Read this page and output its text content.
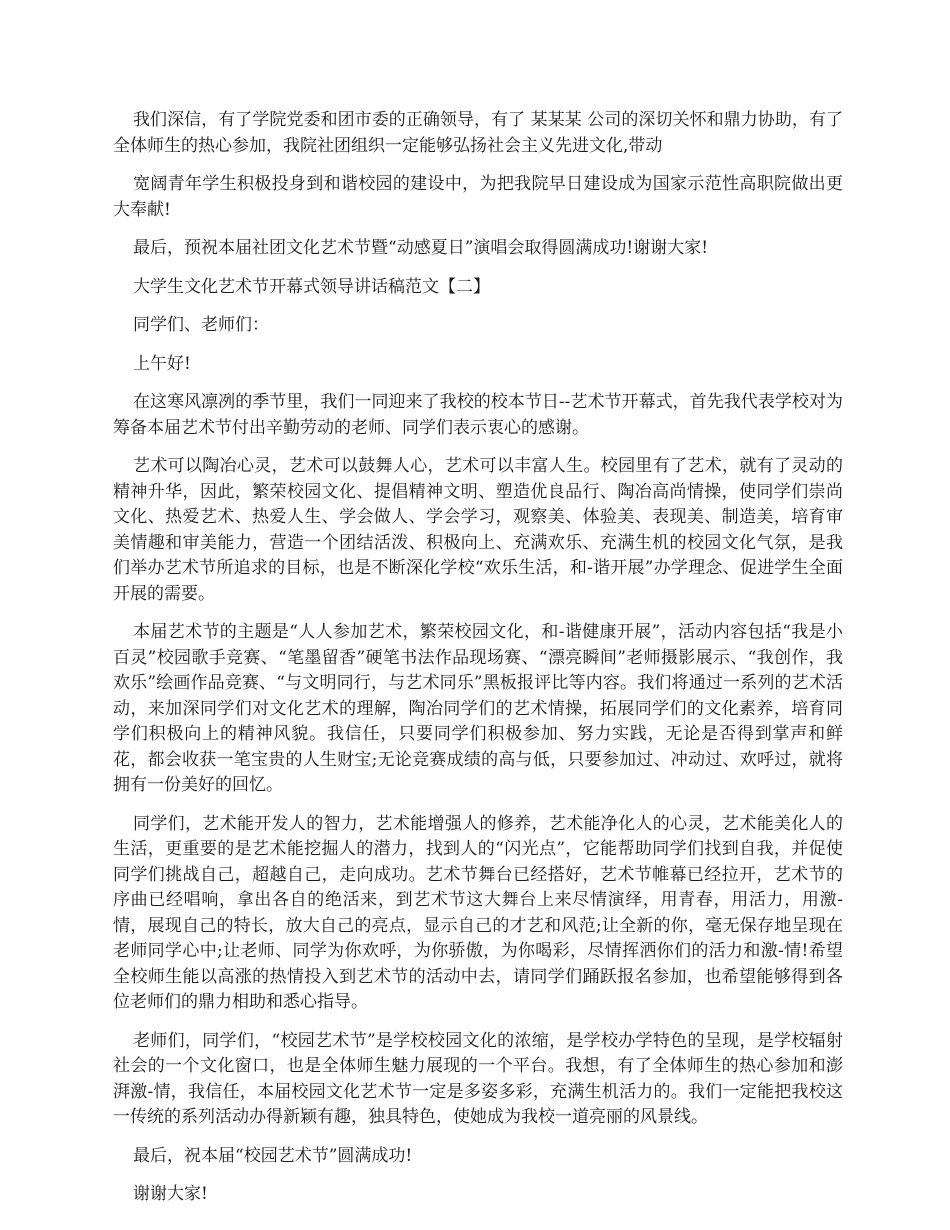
我们深信，有了学院党委和团市委的正确领导，有了 某某某 公司的深切关怀和鼎力协助，有了全体师生的热心参加，我院社团组织一定能够弘扬社会主义先进文化,带动

宽阔青年学生积极投身到和谐校园的建设中，为把我院早日建设成为国家示范性高职院做出更大奉献!

最后，预祝本届社团文化艺术节暨“动感夏日”演唱会取得圆满成功!谢谢大家!

大学生文化艺术节开幕式领导讲话稿范文【二】

同学们、老师们：

上午好!

在这寒风凛冽的季节里，我们一同迎来了我校的校本节日--艺术节开幕式，首先我代表学校对为筹备本届艺术节付出辛勤劳动的老师、同学们表示衷心的感谢。

艺术可以陶冶心灵，艺术可以鼓舞人心，艺术可以丰富人生。校园里有了艺术，就有了灵动的精神升华，因此，繁荣校园文化、提倡精神文明、塑造优良品行、陶冶高尚情操，使同学们崇尚文化、热爱艺术、热爱人生、学会做人、学会学习，观察美、体验美、表现美、制造美，培育审美情趣和审美能力，营造一个团结活泼、积极向上、充满欢乐、充满生机的校园文化气氛，是我们举办艺术节所追求的目标，也是不断深化学校“欢乐生活，和-谐开展”办学理念、促进学生全面开展的需要。

本届艺术节的主题是“人人参加艺术，繁荣校园文化，和-谐健康开展”，活动内容包括“我是小百灵”校园歌手竞赛、“笔墨留香”硬笔书法作品现场赛、“漂亮瞬间”老师摄影展示、“我创作，我欢乐”绘画作品竞赛、“与文明同行，与艺术同乐”黑板报评比等内容。我们将通过一系列的艺术活动，来加深同学们对文化艺术的理解，陶冶同学们的艺术情操，拓展同学们的文化素养，培育同学们积极向上的精神风貌。我信任，只要同学们积极参加、努力实践，无论是否得到掌声和鲜花，都会收获一笔宝贵的人生财宝;无论竞赛成绩的高与低，只要参加过、冲动过、欢呼过，就将拥有一份美好的回忆。

同学们，艺术能开发人的智力，艺术能增强人的修养，艺术能净化人的心灵，艺术能美化人的生活，更重要的是艺术能挖掘人的潜力，找到人的“闪光点”，它能帮助同学们找到自我，并促使同学们挑战自己，超越自己，走向成功。艺术节舞台已经搭好，艺术节帷幕已经拉开，艺术节的序曲已经唱响，拿出各自的绝活来，到艺术节这大舞台上来尽情演绎，用青春，用活力，用激-情，展现自己的特长，放大自己的亮点，显示自己的才艺和风范;让全新的你，毫无保存地呈现在老师同学心中;让老师、同学为你欢呼，为你骄傲，为你喝彩，尽情挥洒你们的活力和激-情!希望全校师生能以高涨的热情投入到艺术节的活动中去，请同学们踊跃报名参加，也希望能够得到各位老师们的鼎力相助和悉心指导。

老师们，同学们，“校园艺术节”是学校校园文化的浓缩，是学校办学特色的呈现，是学校辐射社会的一个文化窗口，也是全体师生魅力展现的一个平台。我想，有了全体师生的热心参加和澎湃激-情，我信任，本届校园文化艺术节一定是多姿多彩，充满生机活力的。我们一定能把我校这一传统的系列活动办得新颖有趣，独具特色，使她成为我校一道亮丽的风景线。

最后，祝本届“校园艺术节”圆满成功!

谢谢大家!
